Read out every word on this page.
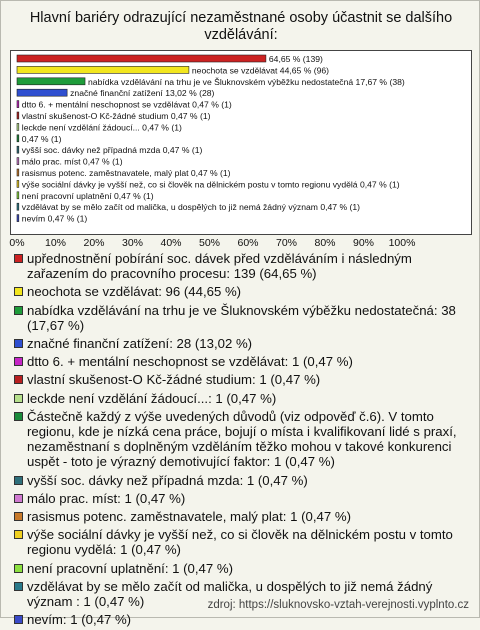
Hlavní bariéry odrazující nezaměstnané osoby účastnit se dalšího vzdělávání:
64,65 % (139)
neochota se vzdělávat 44,65 % (96)
nabídka vzdělávání na trhu je ve Šluknovském výběžku nedostatečná 17,67 % (38)
značné finanční zatížení 13,02 % (28)
dtto 6. + mentální neschopnost se vzdělávat 0,47 % (1)
vlastní skušenost-O Kč-žádné studium 0,47 % (1)
leckde není vzdělání žádoucí... 0,47 % (1)
0,47 % (1)
vyšší soc. dávky než případná mzda 0,47 % (1)
málo prac. míst 0,47 % (1)
rasismus potenc. zaměstnavatele, malý plat 0,47 % (1)
výše sociální dávky je vyšší než, co si člověk na dělnickém postu v tomto regionu vydělá 0,47 % (1)
není pracovní uplatnění 0,47 % (1)
vzdělávat by se mělo začít od malička, u dospělých to již nemá žádný význam 0,47 % (1)
nevím 0,47 % (1)
0% 10% 20% 30% 40% 50% 60% 70% 80% 90% 100%
upřednostnění pobírání soc. dávek před vzděláváním i následným zařazením do pracovního procesu: 139 (64,65 %)
neochota se vzdělávat: 96 (44,65 %)
nabídka vzdělávání na trhu je ve Šluknovském výběžku nedostatečná: 38 (17,67 %)
značné finanční zatížení: 28 (13,02 %)
dtto 6. + mentální neschopnost se vzdělávat: 1 (0,47 %)
vlastní skušenost-O Kč-žádné studium: 1 (0,47 %)
leckde není vzdělání žádoucí...: 1 (0,47 %)
Částečně každý z výše uvedených důvodů (viz odpověď č.6). V tomto regionu, kde je nízká cena práce, bojují o místa i kvalifikovaní lidé s praxí, nezaměstnaní s doplněným vzděláním těžko mohou v takové konkurenci uspět - toto je výrazný demotivující faktor: 1 (0,47 %)
vyšší soc. dávky než případná mzda: 1 (0,47 %)
málo prac. míst: 1 (0,47 %)
rasismus potenc. zaměstnavatele, malý plat: 1 (0,47 %)
výše sociální dávky je vyšší než, co si člověk na dělnickém postu v tomto regionu vydělá: 1 (0,47 %)
není pracovní uplatnění: 1 (0,47 %)
vzdělávat by se mělo začít od malička, u dospělých to již nemá žádný význam : 1 (0,47 %)
nevím: 1 (0,47 %)
zdroj: https://sluknovsko-vztah-verejnosti.vyplnto.cz
